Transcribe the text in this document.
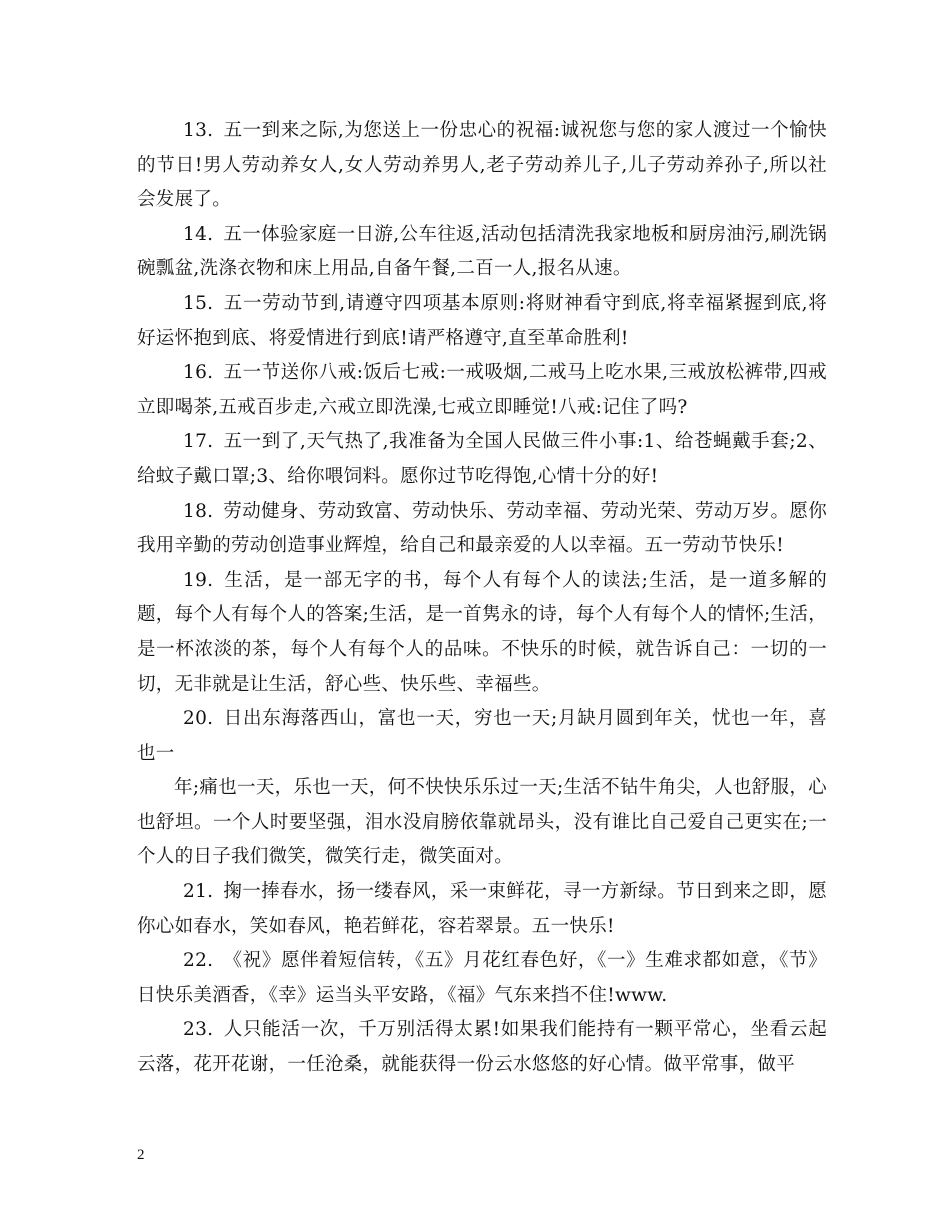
13. 五一到来之际,为您送上一份忠心的祝福:诚祝您与您的家人渡过一个愉快的节日!男人劳动养女人,女人劳动养男人,老子劳动养儿子,儿子劳动养孙子,所以社会发展了。

14. 五一体验家庭一日游,公车往返,活动包括清洗我家地板和厨房油污,刷洗锅碗瓢盆,洗涤衣物和床上用品,自备午餐,二百一人,报名从速。

15. 五一劳动节到,请遵守四项基本原则:将财神看守到底,将幸福紧握到底,将好运怀抱到底、将爱情进行到底!请严格遵守,直至革命胜利!

16. 五一节送你八戒:饭后七戒:一戒吸烟,二戒马上吃水果,三戒放松裤带,四戒立即喝茶,五戒百步走,六戒立即洗澡,七戒立即睡觉!八戒:记住了吗?

17. 五一到了,天气热了,我准备为全国人民做三件小事:1、给苍蝇戴手套;2、给蚊子戴口罩;3、给你喂饲料。愿你过节吃得饱,心情十分的好!

18. 劳动健身、劳动致富、劳动快乐、劳动幸福、劳动光荣、劳动万岁。愿你我用辛勤的劳动创造事业辉煌，给自己和最亲爱的人以幸福。五一劳动节快乐!

19. 生活，是一部无字的书，每个人有每个人的读法;生活，是一道多解的题，每个人有每个人的答案;生活，是一首隽永的诗，每个人有每个人的情怀;生活，是一杯浓淡的茶，每个人有每个人的品味。不快乐的时候，就告诉自己：一切的一切，无非就是让生活，舒心些、快乐些、幸福些。

20. 日出东海落西山，富也一天，穷也一天;月缺月圆到年关，忧也一年，喜也一

年;痛也一天，乐也一天，何不快快乐乐过一天;生活不钻牛角尖，人也舒服，心也舒坦。一个人时要坚强，泪水没肩膀依靠就昂头，没有谁比自己爱自己更实在;一个人的日子我们微笑，微笑行走，微笑面对。

21. 掬一捧春水，扬一缕春风，采一束鲜花，寻一方新绿。节日到来之即，愿你心如春水，笑如春风，艳若鲜花，容若翠景。五一快乐!

22. 《祝》愿伴着短信转，《五》月花红春色好，《一》生难求都如意，《节》日快乐美酒香，《幸》运当头平安路，《福》气东来挡不住!www.

23. 人只能活一次，千万别活得太累!如果我们能持有一颗平常心，坐看云起云落，花开花谢，一任沧桑，就能获得一份云水悠悠的好心情。做平常事，做平

2
